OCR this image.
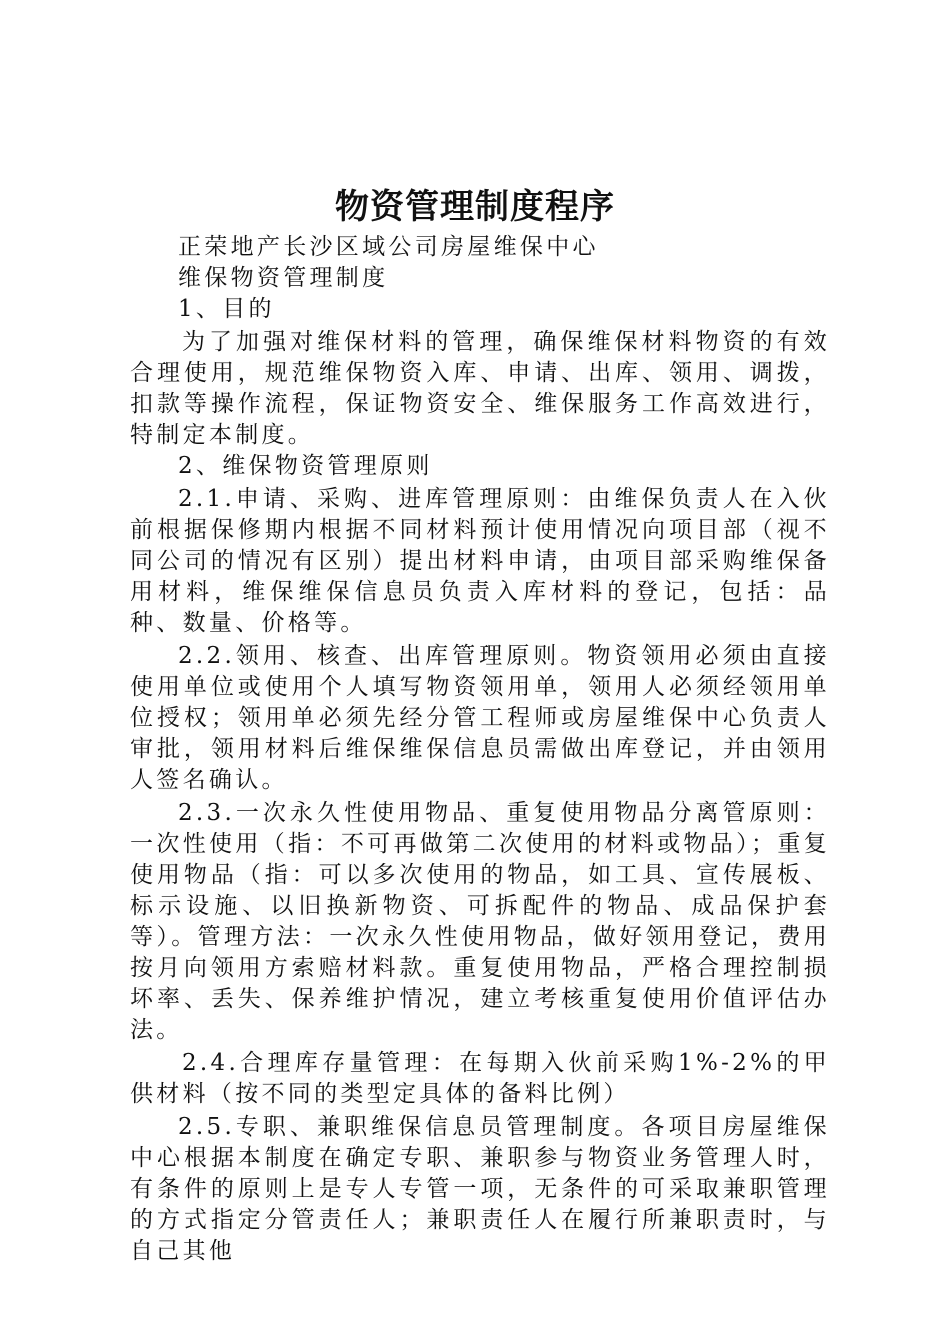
物资管理制度程序

正荣地产长沙区域公司房屋维保中心

维保物资管理制度

1、目的

为了加强对维保材料的管理，确保维保材料物资的有效合理使用，规范维保物资入库、申请、出库、领用、调拨，扣款等操作流程，保证物资安全、维保服务工作高效进行，特制定本制度。

2、维保物资管理原则

2.1.申请、采购、进库管理原则：由维保负责人在入伙前根据保修期内根据不同材料预计使用情况向项目部（视不同公司的情况有区别）提出材料申请，由项目部采购维保备用材料，维保维保信息员负责入库材料的登记，包括：品种、数量、价格等。

2.2.领用、核查、出库管理原则。物资领用必须由直接使用单位或使用个人填写物资领用单，领用人必须经领用单位授权；领用单必须先经分管工程师或房屋维保中心负责人审批，领用材料后维保维保信息员需做出库登记，并由领用人签名确认。

2.3.一次永久性使用物品、重复使用物品分离管原则：一次性使用（指：不可再做第二次使用的材料或物品）；重复使用物品（指：可以多次使用的物品，如工具、宣传展板、标示设施、以旧换新物资、可拆配件的物品、成品保护套等）。管理方法：一次永久性使用物品，做好领用登记，费用按月向领用方索赔材料款。重复使用物品，严格合理控制损坏率、丢失、保养维护情况，建立考核重复使用价值评估办法。

2.4.合理库存量管理：在每期入伙前采购1%-2%的甲供材料（按不同的类型定具体的备料比例）

2.5.专职、兼职维保信息员管理制度。各项目房屋维保中心根据本制度在确定专职、兼职参与物资业务管理人时，有条件的原则上是专人专管一项，无条件的可采取兼职管理的方式指定分管责任人；兼职责任人在履行所兼职责时，与自己其他
